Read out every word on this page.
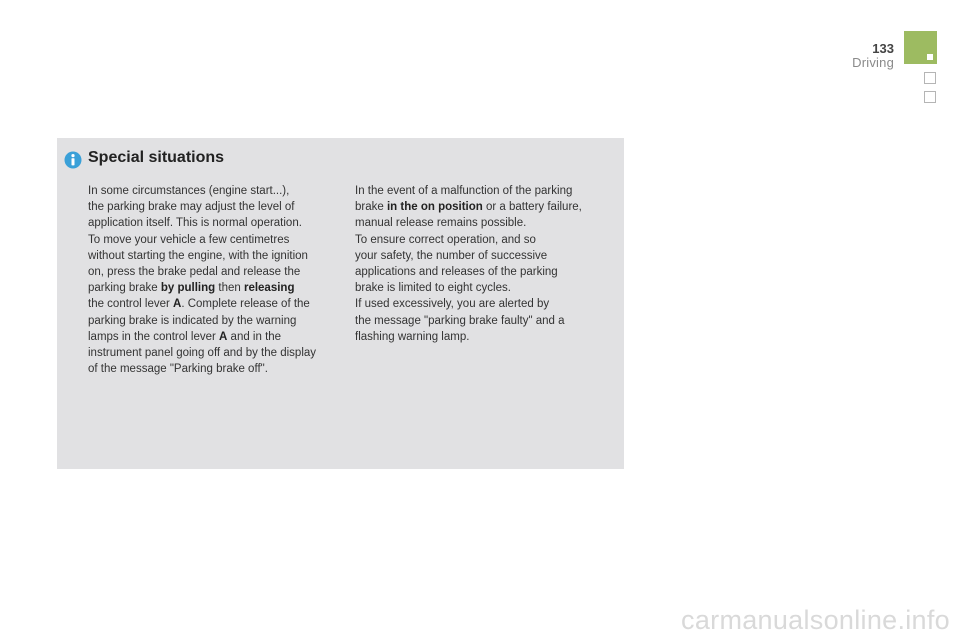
133
Driving
Special situations
In some circumstances (engine start...),
the parking brake may adjust the level of
application itself. This is normal operation.
To move your vehicle a few centimetres
without starting the engine, with the ignition
on, press the brake pedal and release the
parking brake by pulling then releasing
the control lever A. Complete release of the
parking brake is indicated by the warning
lamps in the control lever A and in the
instrument panel going off and by the display
of the message "Parking brake off".
In the event of a malfunction of the parking
brake in the on position or a battery failure,
manual release remains possible.
To ensure correct operation, and so
your safety, the number of successive
applications and releases of the parking
brake is limited to eight cycles.
If used excessively, you are alerted by
the message "parking brake faulty" and a
flashing warning lamp.
carmanualsonline.info
